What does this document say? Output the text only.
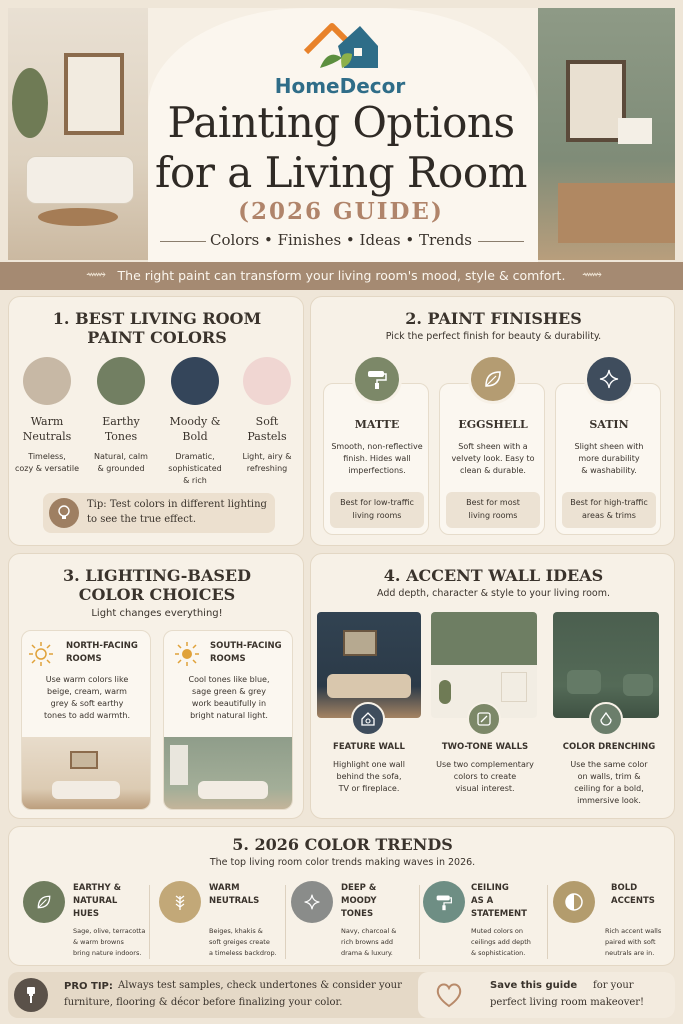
HomeDecor
Painting Options
for a Living Room
(2026 GUIDE)
Colors • Finishes • Ideas • Trends
⟿ The right paint can transform your living room's mood, style & comfort.	⟿
1. BEST LIVING ROOM
PAINT COLORS
Warm
Neutrals
Timeless,
cozy & versatile
Earthy
Tones
Natural, calm
& grounded
Moody &
Bold
Dramatic,
sophisticated
& rich
Soft
Pastels
Light, airy &
refreshing
Tip: Test colors in different lighting
to see the true effect.
2. PAINT FINISHES
Pick the perfect finish for beauty & durability.
MATTE
Smooth, non-reflective
finish. Hides wall
imperfections.
Best for low-traffic
living rooms
EGGSHELL
Soft sheen with a
velvety look. Easy to
clean & durable.
Best for most
living rooms
SATIN
Slight sheen with
more durability
& washability.
Best for high-traffic
areas & trims
3. LIGHTING-BASED
COLOR CHOICES
Light changes everything!
NORTH-FACING
ROOMS
Use warm colors like
beige, cream, warm
grey & soft earthy
tones to add warmth.
SOUTH-FACING
ROOMS
Cool tones like blue,
sage green & grey
work beautifully in
bright natural light.
4. ACCENT WALL IDEAS
Add depth, character & style to your living room.
FEATURE WALL
Highlight one wall
behind the sofa,
TV or fireplace.
TWO-TONE WALLS
Use two complementary
colors to create
visual interest.
COLOR DRENCHING
Use the same color
on walls, trim &
ceiling for a bold,
immersive look.
5. 2026 COLOR TRENDS
The top living room color trends making waves in 2026.
EARTHY &
NATURAL
HUES
Sage, olive, terracotta
& warm browns
bring nature indoors.
WARM
NEUTRALS
Beiges, khakis &
soft greiges create
a timeless backdrop.
DEEP &
MOODY
TONES
Navy, charcoal &
rich browns add
drama & luxury.
CEILING
AS A
STATEMENT
Muted colors on
ceilings add depth
& sophistication.
BOLD
ACCENTS
Rich accent walls
paired with soft
neutrals are in.
PRO TIP: Always test samples, check undertones & consider your
furniture, flooring & décor before finalizing your color.
Save this guide for your
perfect living room makeover!
